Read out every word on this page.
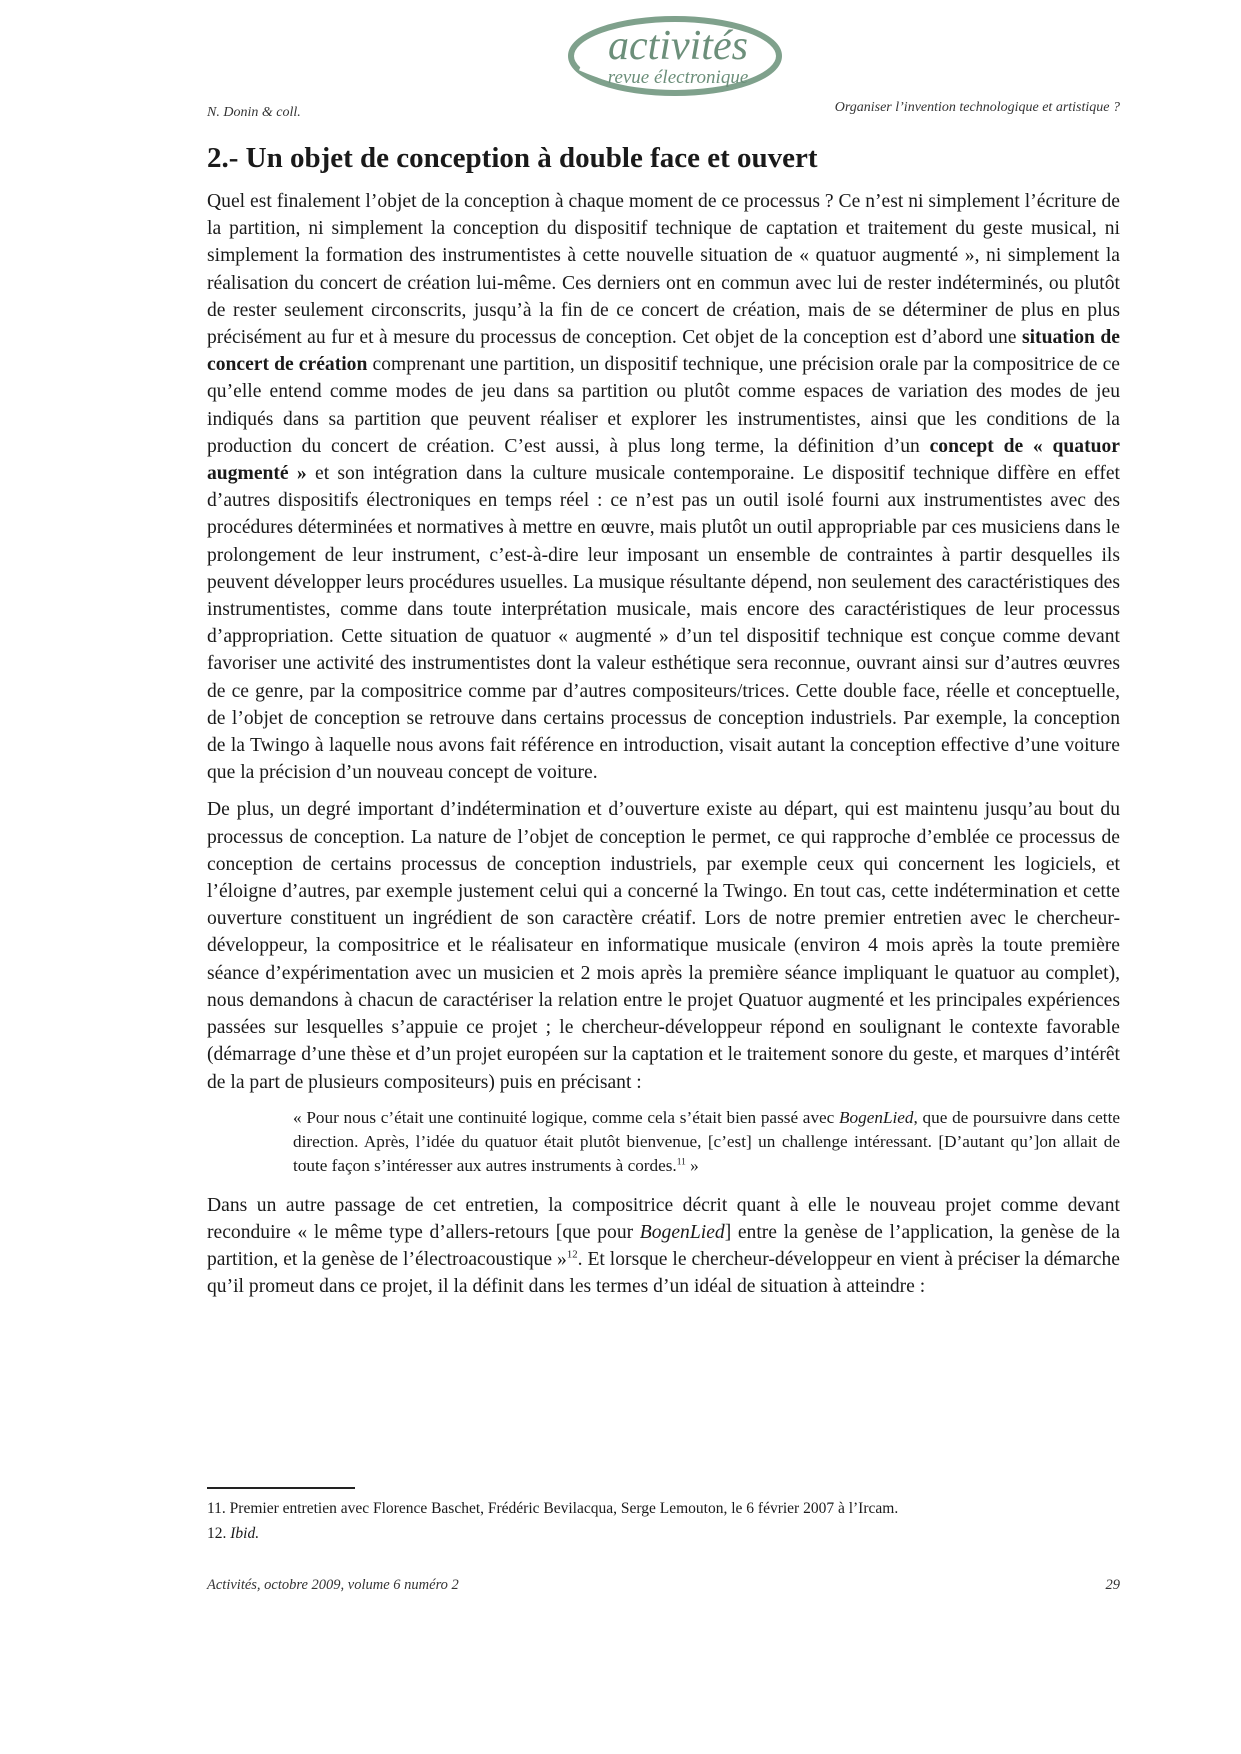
activités
revue électronique
N. Donin & coll.	Organiser l’invention technologique et artistique ?
2.- Un objet de conception à double face et ouvert

Quel est finalement l’objet de la conception à chaque moment de ce processus ? Ce n’est ni simplement l’écriture de la partition, ni simplement la conception du dispositif technique de captation et traitement du geste musical, ni simplement la formation des instrumentistes à cette nouvelle situation de « quatuor augmenté », ni simplement la réalisation du concert de création lui-même. Ces derniers ont en commun avec lui de rester indéterminés, ou plutôt de rester seulement circonscrits, jusqu’à la fin de ce concert de création, mais de se déterminer de plus en plus précisément au fur et à mesure du processus de conception. Cet objet de la conception est d’abord une situation de concert de création comprenant une partition, un dispositif technique, une précision orale par la compositrice de ce qu’elle entend comme modes de jeu dans sa partition ou plutôt comme espaces de variation des modes de jeu indiqués dans sa partition que peuvent réaliser et explorer les instrumentistes, ainsi que les conditions de la production du concert de création. C’est aussi, à plus long terme, la définition d’un concept de « quatuor augmenté » et son intégration dans la culture musicale contemporaine. Le dispositif technique diffère en effet d’autres dispositifs électroniques en temps réel : ce n’est pas un outil isolé fourni aux instrumentistes avec des procédures déterminées et normatives à mettre en œuvre, mais plutôt un outil appropriable par ces musiciens dans le prolongement de leur instrument, c’est-à-dire leur imposant un ensemble de contraintes à partir desquelles ils peuvent développer leurs procédures usuelles. La musique résultante dépend, non seulement des caractéristiques des instrumentistes, comme dans toute interprétation musicale, mais encore des caractéristiques de leur processus d’appropriation. Cette situation de quatuor « augmenté » d’un tel dispositif technique est conçue comme devant favoriser une activité des instrumentistes dont la valeur esthétique sera reconnue, ouvrant ainsi sur d’autres œuvres de ce genre, par la compositrice comme par d’autres compositeurs/trices. Cette double face, réelle et conceptuelle, de l’objet de conception se retrouve dans certains processus de conception industriels. Par exemple, la conception de la Twingo à laquelle nous avons fait référence en introduction, visait autant la conception effective d’une voiture que la précision d’un nouveau concept de voiture.

De plus, un degré important d’indétermination et d’ouverture existe au départ, qui est maintenu jusqu’au bout du processus de conception. La nature de l’objet de conception le permet, ce qui rapproche d’emblée ce processus de conception de certains processus de conception industriels, par exemple ceux qui concernent les logiciels, et l’éloigne d’autres, par exemple justement celui qui a concerné la Twingo. En tout cas, cette indétermination et cette ouverture constituent un ingrédient de son caractère créatif. Lors de notre premier entretien avec le chercheur-développeur, la compositrice et le réalisateur en informatique musicale (environ 4 mois après la toute première séance d’expérimentation avec un musicien et 2 mois après la première séance impliquant le quatuor au complet), nous demandons à chacun de caractériser la relation entre le projet Quatuor augmenté et les principales expériences passées sur lesquelles s’appuie ce projet ; le chercheur-développeur répond en soulignant le contexte favorable (démarrage d’une thèse et d’un projet européen sur la captation et le traitement sonore du geste, et marques d’intérêt de la part de plusieurs compositeurs) puis en précisant :

« Pour nous c’était une continuité logique, comme cela s’était bien passé avec BogenLied, que de poursuivre dans cette direction. Après, l’idée du quatuor était plutôt bienvenue, [c’est] un challenge intéressant. [D’autant qu’]on allait de toute façon s’intéresser aux autres instruments à cordes.$^{11}$ »

Dans un autre passage de cet entretien, la compositrice décrit quant à elle le nouveau projet comme devant reconduire « le même type d’allers-retours [que pour BogenLied] entre la genèse de l’application, la genèse de la partition, et la genèse de l’électroacoustique »$^{12}$. Et lorsque le chercheur-développeur en vient à préciser la démarche qu’il promeut dans ce projet, il la définit dans les termes d’un idéal de situation à atteindre :

11. Premier entretien avec Florence Baschet, Frédéric Bevilacqua, Serge Lemouton, le 6 février 2007 à l’Ircam.
12. Ibid.
Activités, octobre 2009, volume 6 numéro 2	29
